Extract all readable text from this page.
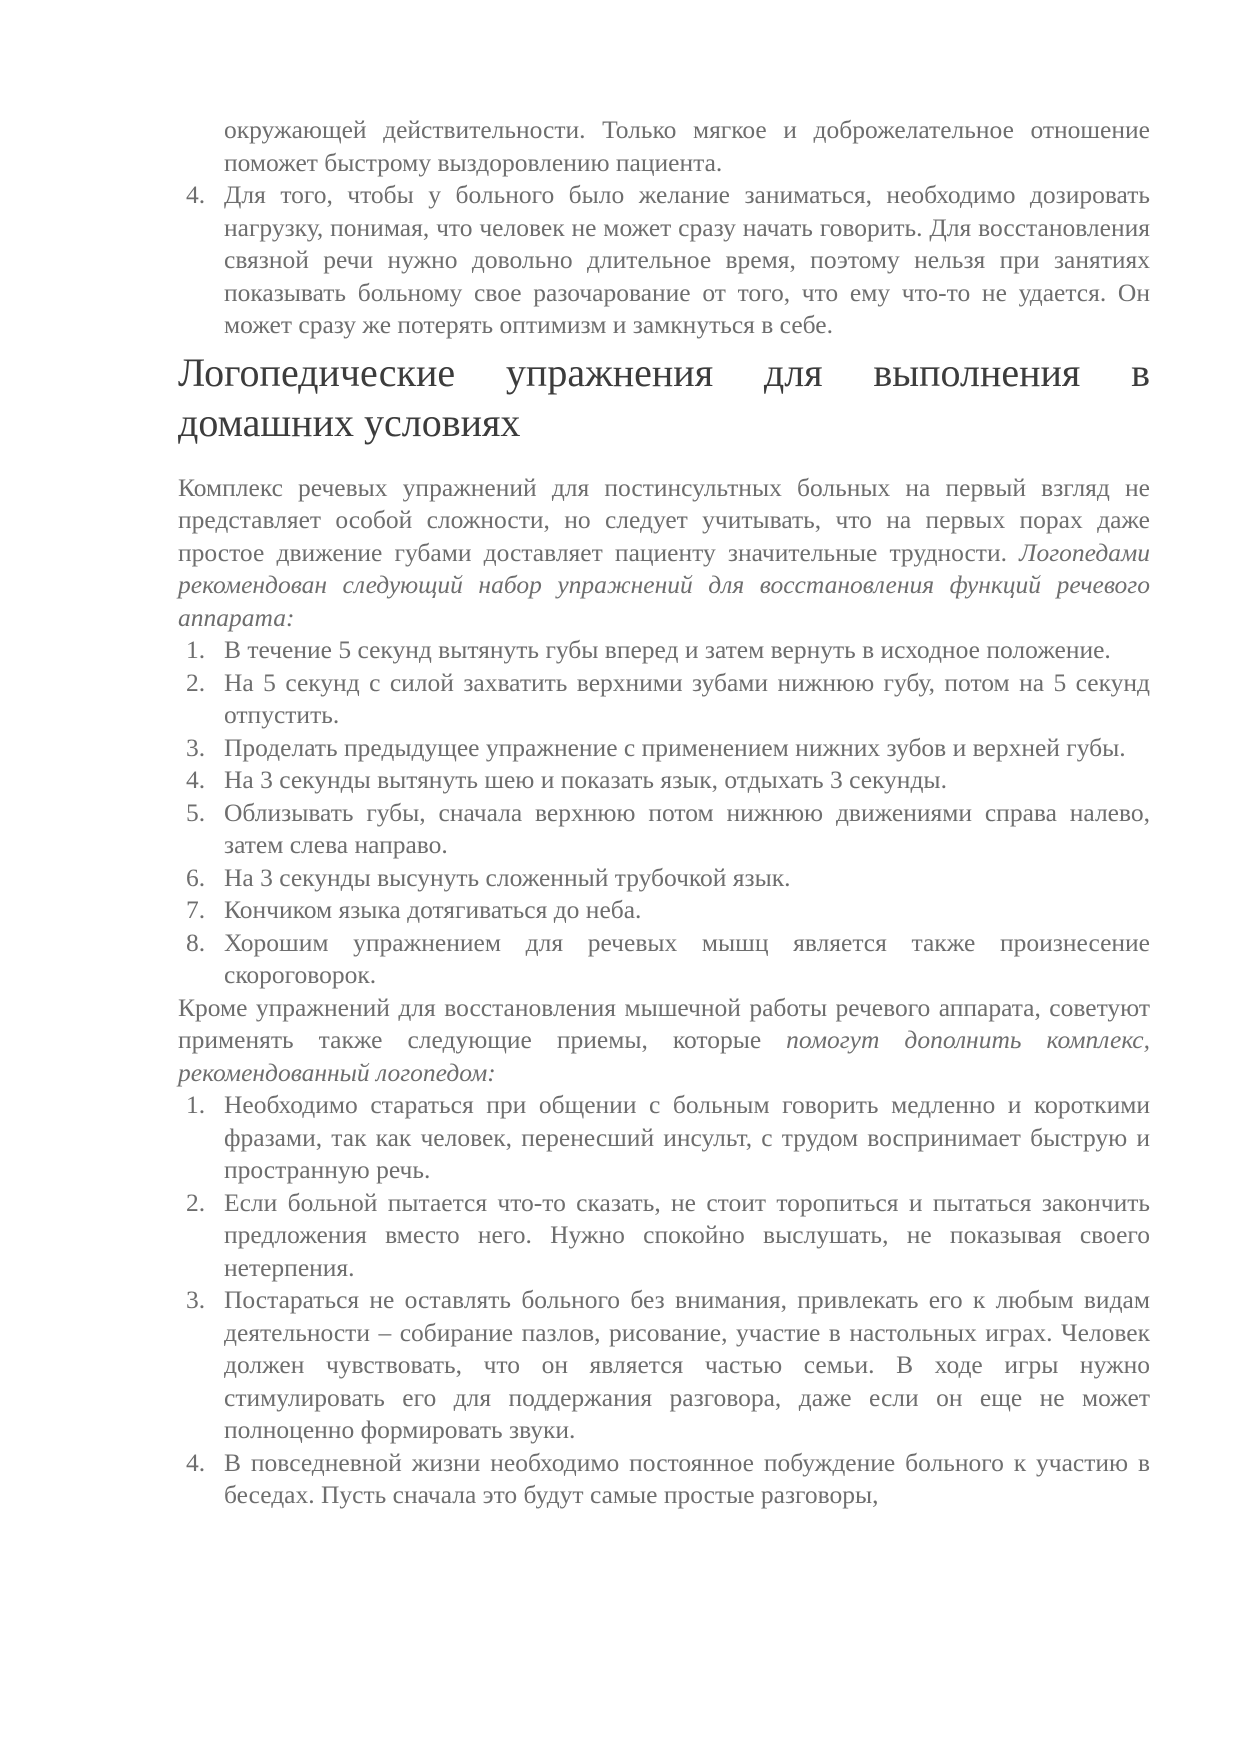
окружающей действительности. Только мягкое и доброжелательное отношение поможет быстрому выздоровлению пациента.

4. Для того, чтобы у больного было желание заниматься, необходимо дозировать нагрузку, понимая, что человек не может сразу начать говорить. Для восстановления связной речи нужно довольно длительное время, поэтому нельзя при занятиях показывать больному свое разочарование от того, что ему что-то не удается. Он может сразу же потерять оптимизм и замкнуться в себе.
Логопедические упражнения для выполнения в домашних условиях

Комплекс речевых упражнений для постинсультных больных на первый взгляд не представляет особой сложности, но следует учитывать, что на первых порах даже простое движение губами доставляет пациенту значительные трудности. Логопедами рекомендован следующий набор упражнений для восстановления функций речевого аппарата:

1. В течение 5 секунд вытянуть губы вперед и затем вернуть в исходное положение.
2. На 5 секунд с силой захватить верхними зубами нижнюю губу, потом на 5 секунд отпустить.
3. Проделать предыдущее упражнение с применением нижних зубов и верхней губы.
4. На 3 секунды вытянуть шею и показать язык, отдыхать 3 секунды.
5. Облизывать губы, сначала верхнюю потом нижнюю движениями справа налево, затем слева направо.
6. На 3 секунды высунуть сложенный трубочкой язык.
7. Кончиком языка дотягиваться до неба.
8. Хорошим упражнением для речевых мышц является также произнесение скороговорок.

Кроме упражнений для восстановления мышечной работы речевого аппарата, советуют применять также следующие приемы, которые помогут дополнить комплекс, рекомендованный логопедом:

1. Необходимо стараться при общении с больным говорить медленно и короткими фразами, так как человек, перенесший инсульт, с трудом воспринимает быструю и пространную речь.
2. Если больной пытается что-то сказать, не стоит торопиться и пытаться закончить предложения вместо него. Нужно спокойно выслушать, не показывая своего нетерпения.
3. Постараться не оставлять больного без внимания, привлекать его к любым видам деятельности – собирание пазлов, рисование, участие в настольных играх. Человек должен чувствовать, что он является частью семьи. В ходе игры нужно стимулировать его для поддержания разговора, даже если он еще не может полноценно формировать звуки.
4. В повседневной жизни необходимо постоянное побуждение больного к участию в беседах. Пусть сначала это будут самые простые разговоры,
